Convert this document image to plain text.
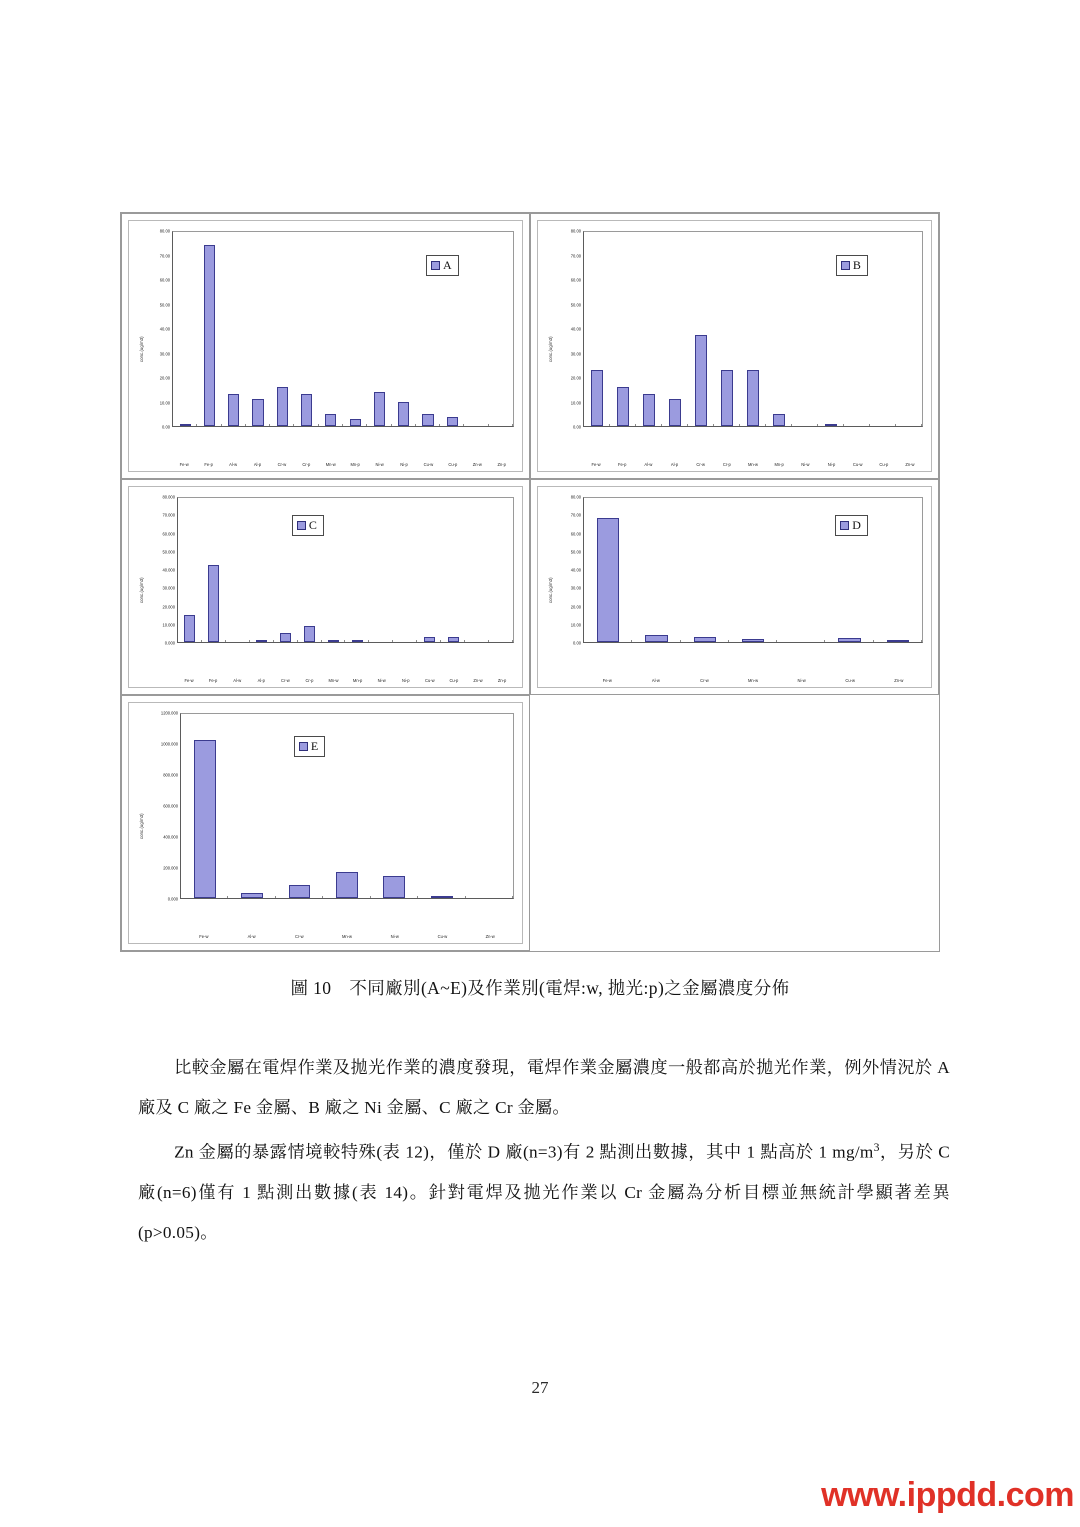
conc.(ug/m3)
0.00
10.00
20.00
30.00
40.00
50.00
60.00
70.00
80.00
A
Fe-w	Fe-p	Al-w	Al-p	Cr-w	Cr-p	Mn-w	Mn-p	Ni-w	Ni-p	Cu-w	Cu-p	Zn-w	Zn-p
conc.(ug/m3)
0.00
10.00
20.00
30.00
40.00
50.00
60.00
70.00
80.00
B
Fe-w	Fe-p	Al-w	Al-p	Cr-w	Cr-p	Mn-w	Mn-p	Ni-w	Ni-p	Cu-w	Cu-p	Zn-w
conc.(ug/m3)
0.000
10.000
20.000
30.000
40.000
50.000
60.000
70.000
80.000
C
Fe-w	Fe-p	Al-w	Al-p	Cr-w	Cr-p	Mn-w	Mn-p	Ni-w	Ni-p	Cu-w	Cu-p	Zn-w	Zn-p
conc.(ug/m3)
0.00
10.00
20.00
30.00
40.00
50.00
60.00
70.00
80.00
D
Fe-w	Al-w	Cr-w	Mn-w	Ni-w	Cu-w	Zn-w
conc.(ug/m3)
0.000
200.000
400.000
600.000
800.000
1000.000
1200.000
E
Fe-w	Al-w	Cr-w	Mn-w	Ni-w	Cu-w	Zn-w
圖 10　不同廠別(A~E)及作業別(電焊:w, 拋光:p)之金屬濃度分佈

比較金屬在電焊作業及拋光作業的濃度發現，電焊作業金屬濃度一般都高於拋光作業，例外情況於 A 廠及 C 廠之 Fe 金屬、B 廠之 Ni 金屬、C 廠之 Cr 金屬。

Zn 金屬的暴露情境較特殊(表 12)，僅於 D 廠(n=3)有 2 點測出數據，其中 1 點高於 1 $mg/m^3$，另於 C 廠(n=6)僅有 1 點測出數據(表 14)。針對電焊及拋光作業以 Cr 金屬為分析目標並無統計學顯著差異(p>0.05)。

27
www.ippdd.com
